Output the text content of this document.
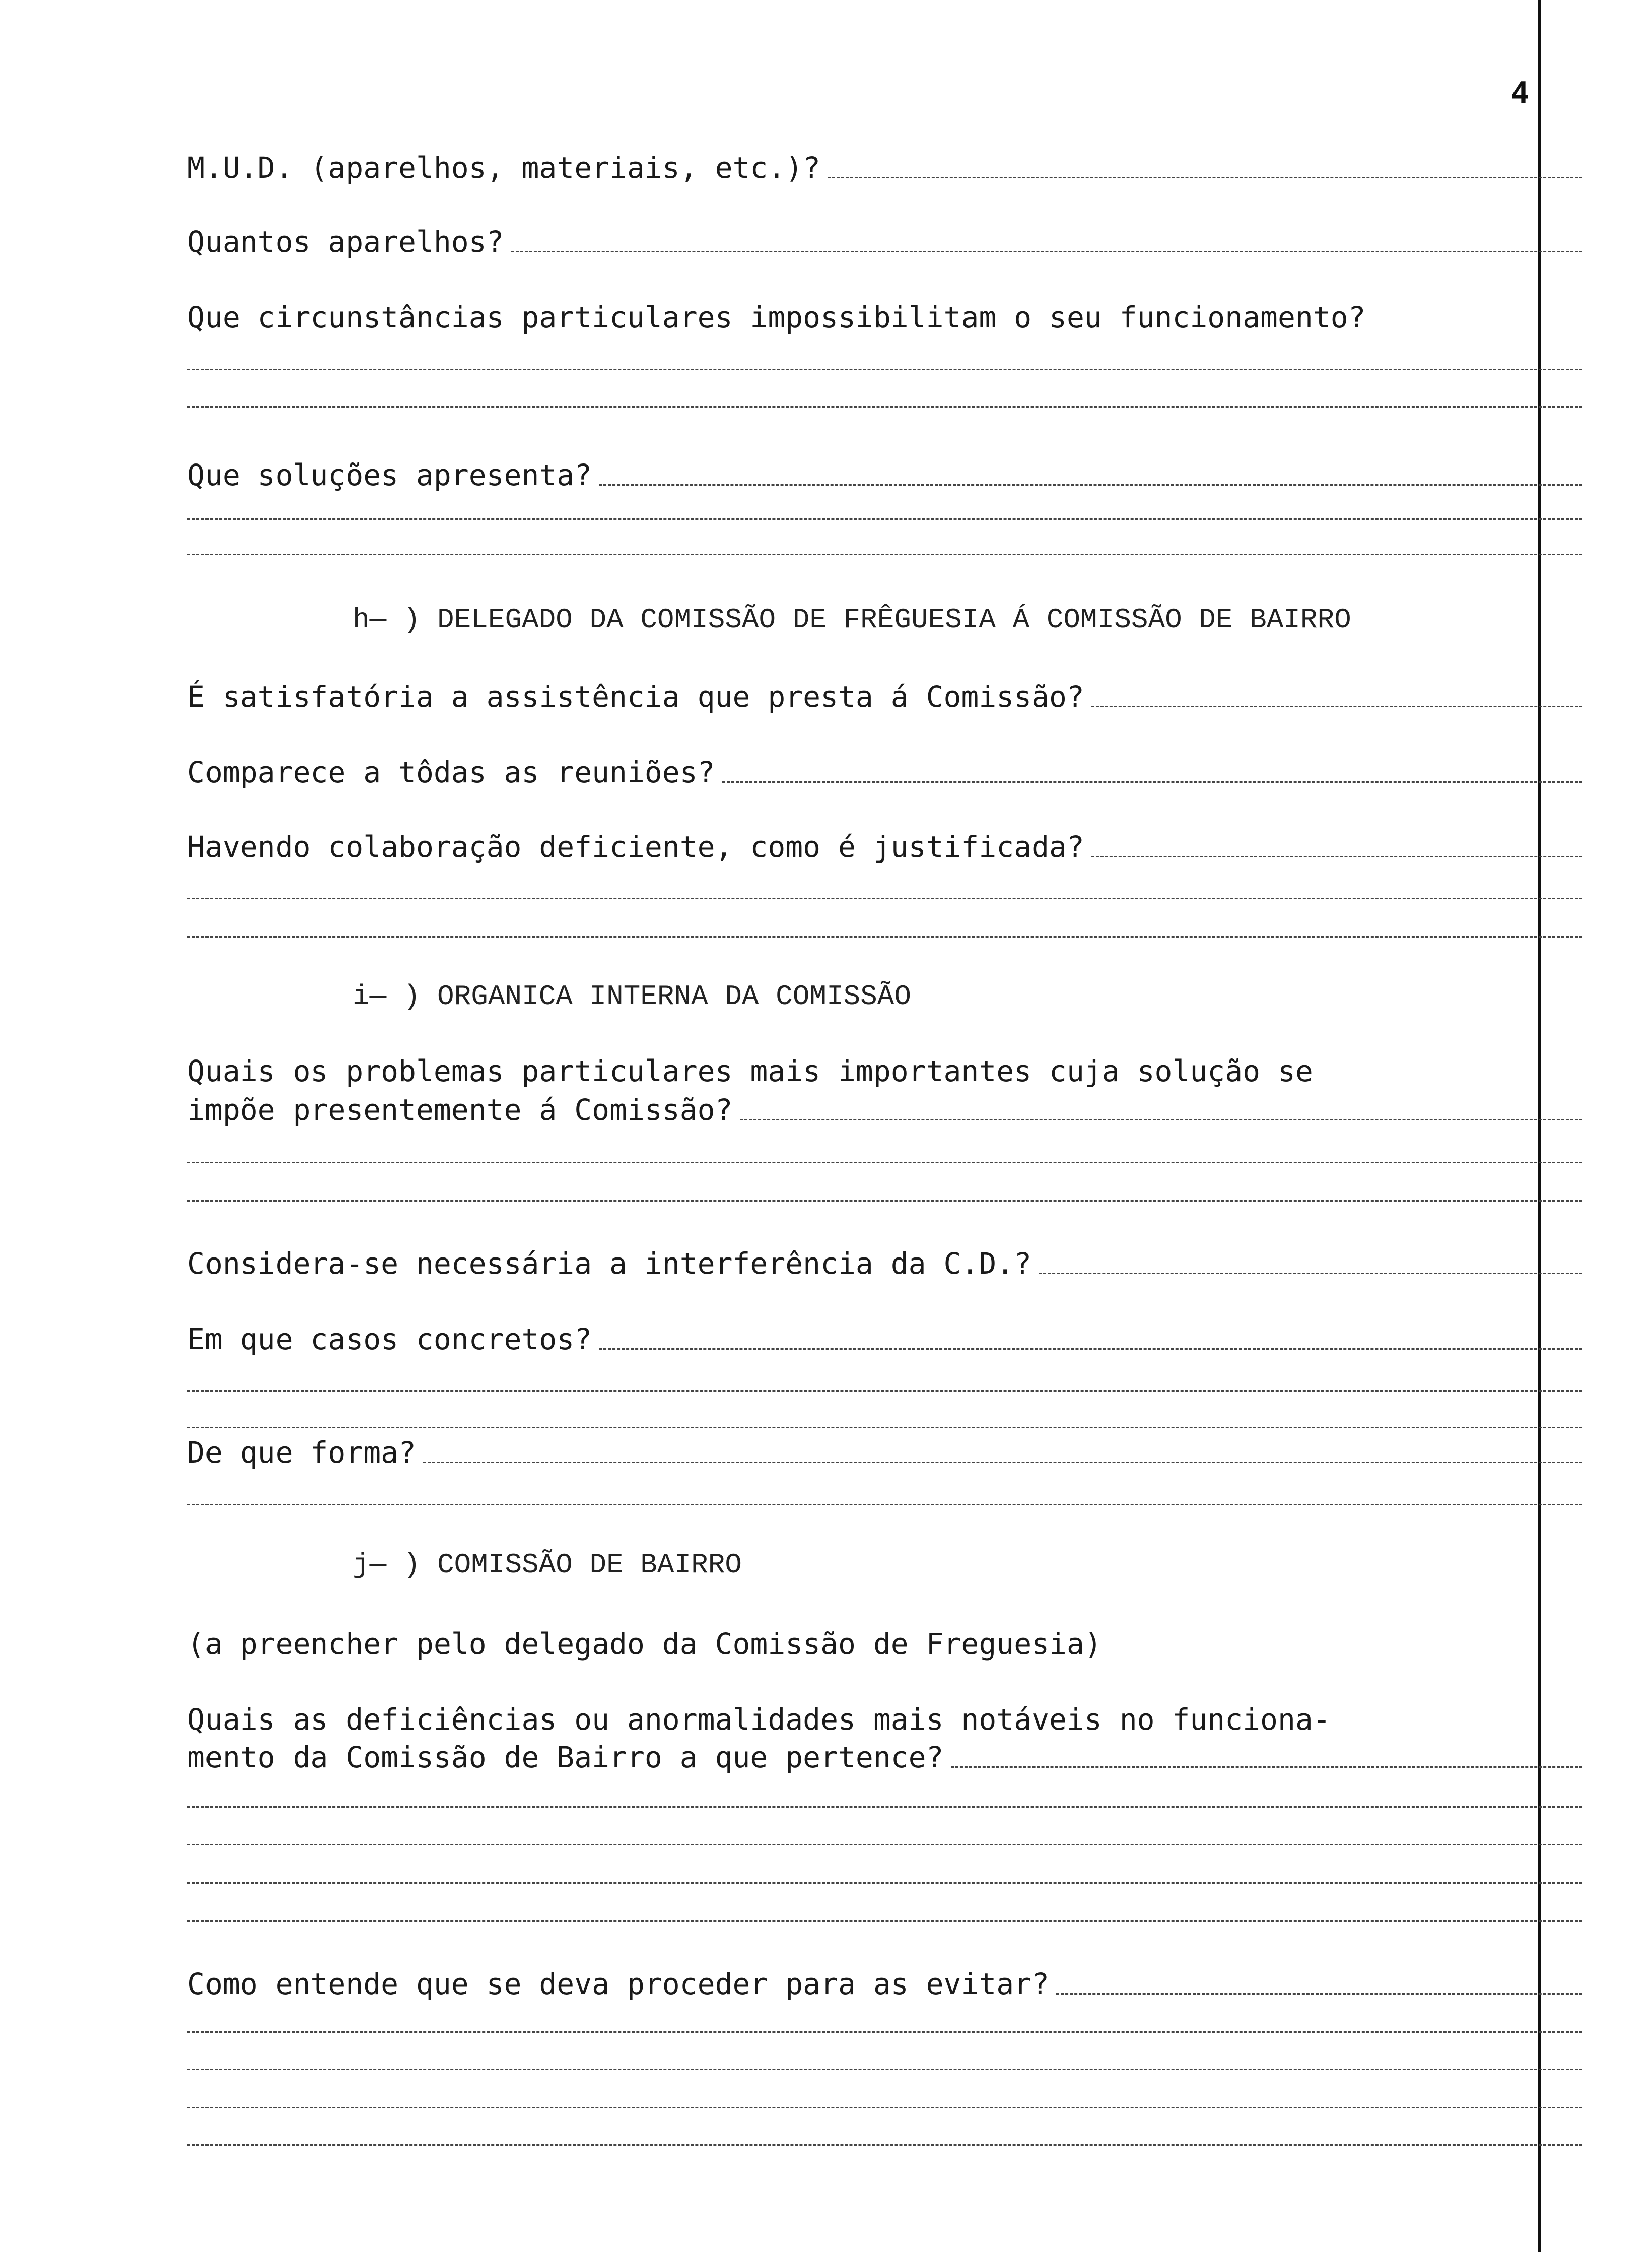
4
M.U.D. (aparelhos, materiais, etc.)?
Quantos aparelhos?
Que circunstâncias particulares impossibilitam o seu funcionamento?
Que soluções apresenta?
h— ) DELEGADO DA COMISSÃO DE FRÊGUESIA Á COMISSÃO DE BAIRRO
É satisfatória a assistência que presta á Comissão?
Comparece a tôdas as reuniões?
Havendo colaboração deficiente, como é justificada?
i— ) ORGANICA INTERNA DA COMISSÃO
Quais os problemas particulares mais importantes cuja solução se
impõe presentemente á Comissão?
Considera-se necessária a interferência da C.D.?
Em que casos concretos?
De que forma?
j— ) COMISSÃO DE BAIRRO
(a preencher pelo delegado da Comissão de Freguesia)
Quais as deficiências ou anormalidades mais notáveis no funciona-
mento da Comissão de Bairro a que pertence?
Como entende que se deva proceder para as evitar?
